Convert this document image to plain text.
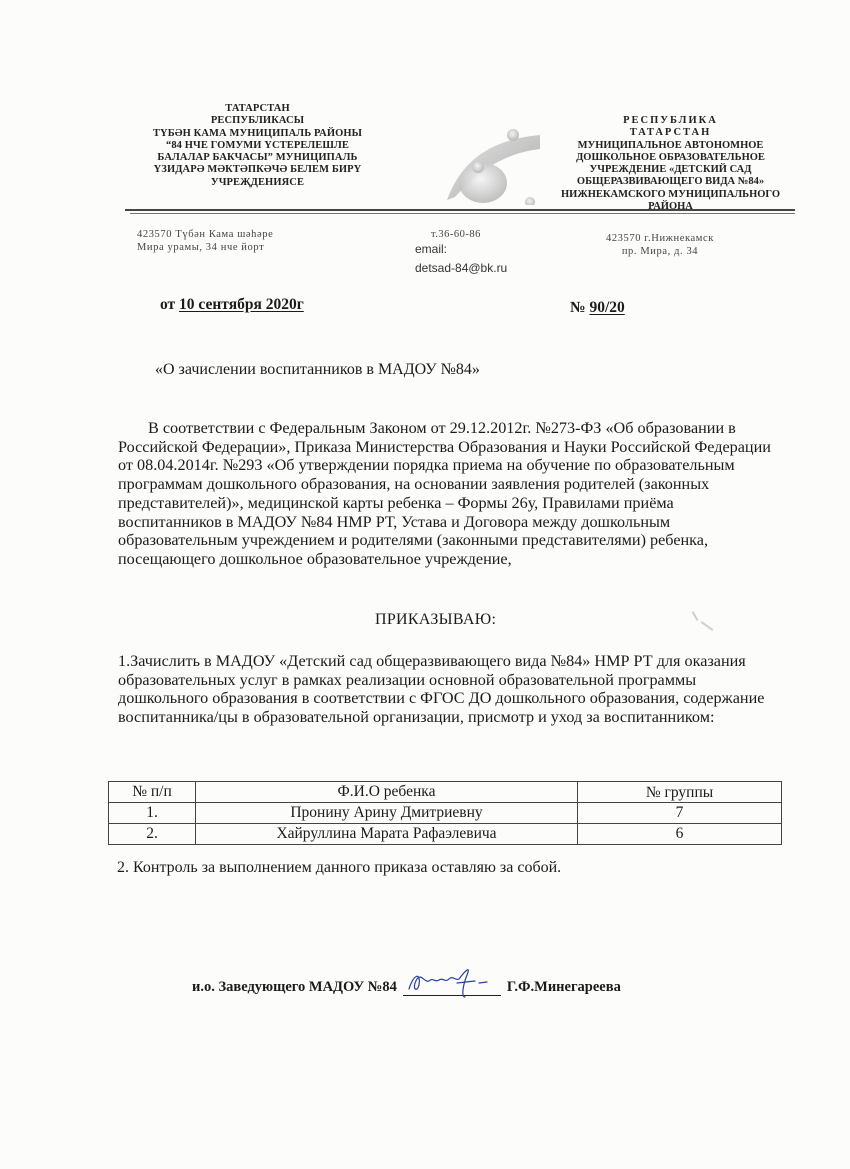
ТАТАРСТАН
РЕСПУБЛИКАСЫ
ТҮБӘН КАМА МУНИЦИПАЛЬ РАЙОНЫ
“84 НЧЕ ГОМУМИ ҮСТЕРЕЛЕШЛЕ
БАЛАЛАР БАКЧАСЫ” МУНИЦИПАЛЬ
ҮЗИДАРӘ МӘКТӘПКӘЧӘ БЕЛЕМ БИРҮ
УЧРЕҖДЕНИЯСЕ
РЕСПУБЛИКА
ТАТАРСТАН
МУНИЦИПАЛЬНОЕ АВТОНОМНОЕ
ДОШКОЛЬНОЕ ОБРАЗОВАТЕЛЬНОЕ
УЧРЕЖДЕНИЕ «ДЕТСКИЙ САД
ОБЩЕРАЗВИВАЮЩЕГО ВИДА №84»
НИЖНЕКАМСКОГО МУНИЦИПАЛЬНОГО
РАЙОНА
423570 Түбән Кама шәһәре
Мира урамы, 34 нче йорт
т.36-60-86
email:
detsad-84@bk.ru
423570 г.Нижнекамск
пр. Мира, д. 34
от 10 сентября 2020г	№ 90/20
«О зачислении воспитанников в МАДОУ №84»
В соответствии с Федеральным Законом от 29.12.2012г. №273-ФЗ «Об образовании в Российской Федерации», Приказа Министерства Образования и Науки Российской Федерации от 08.04.2014г. №293 «Об утверждении порядка приема на обучение по образовательным программам дошкольного образования, на основании заявления родителей (законных представителей)», медицинской карты ребенка – Формы 26у, Правилами приёма воспитанников в МАДОУ №84 НМР РТ, Устава и Договора между дошкольным образовательным учреждением и родителями (законными представителями) ребенка, посещающего дошкольное образовательное учреждение,
ПРИКАЗЫВАЮ:
1.Зачислить в МАДОУ «Детский сад общеразвивающего вида №84» НМР РТ для оказания образовательных услуг в рамках реализации основной образовательной программы дошкольного образования в соответствии с ФГОС ДО дошкольного образования, содержание воспитанника/цы в образовательной организации, присмотр и уход за воспитанником:
№ п/п	Ф.И.О ребенка	№ группы
1.	Пронину Арину Дмитриевну	7
2.	Хайруллина Марата Рафаэлевича	6
2. Контроль за выполнением данного приказа оставляю за собой.
и.о. Заведующего МАДОУ №84	Г.Ф.Минегареева
